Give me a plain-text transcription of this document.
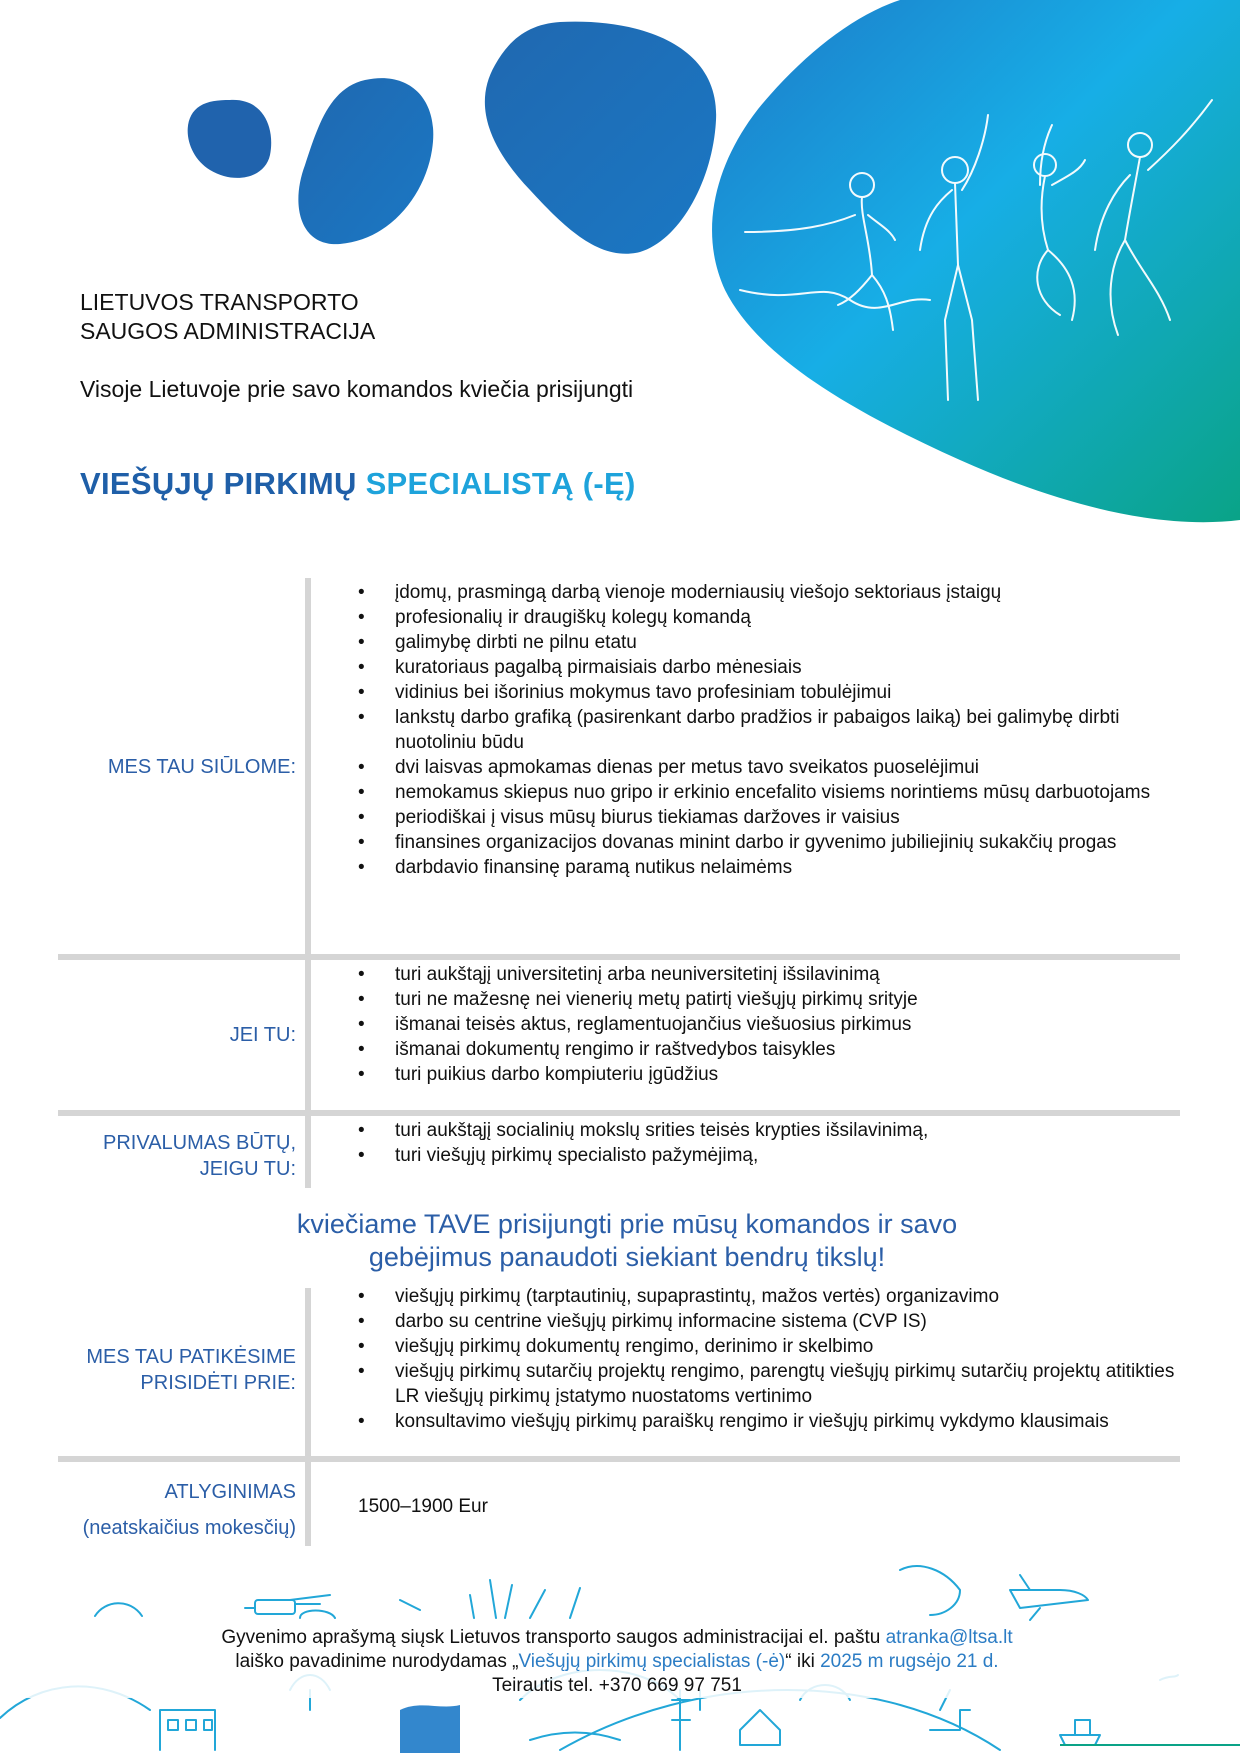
LIETUVOS TRANSPORTO
SAUGOS ADMINISTRACIJA
Visoje Lietuvoje prie savo komandos kviečia prisijungti
VIEŠŲJŲ PIRKIMŲ SPECIALISTĄ (-Ę)
MES TAU SIŪLOME:
• įdomų, prasmingą darbą vienoje moderniausių viešojo sektoriaus įstaigų
• profesionalių ir draugiškų kolegų komandą
• galimybę dirbti ne pilnu etatu
• kuratoriaus pagalbą pirmaisiais darbo mėnesiais
• vidinius bei išorinius mokymus tavo profesiniam tobulėjimui
• lankstų darbo grafiką (pasirenkant darbo pradžios ir pabaigos laiką) bei galimybę dirbti nuotoliniu būdu
• dvi laisvas apmokamas dienas per metus tavo sveikatos puoselėjimui
• nemokamus skiepus nuo gripo ir erkinio encefalito visiems norintiems mūsų darbuotojams
• periodiškai į visus mūsų biurus tiekiamas daržoves ir vaisius
• finansines organizacijos dovanas minint darbo ir gyvenimo jubiliejinių sukakčių progas
• darbdavio finansinę paramą nutikus nelaimėms
JEI TU:
• turi aukštąjį universitetinį arba neuniversitetinį išsilavinimą
• turi ne mažesnę nei vienerių metų patirtį viešųjų pirkimų srityje
• išmanai teisės aktus, reglamentuojančius viešuosius pirkimus
• išmanai dokumentų rengimo ir raštvedybos taisykles
• turi puikius darbo kompiuteriu įgūdžius
PRIVALUMAS BŪTŲ,
JEIGU TU:
• turi aukštąjį socialinių mokslų srities teisės krypties išsilavinimą,
• turi viešųjų pirkimų specialisto pažymėjimą,
kviečiame TAVE prisijungti prie mūsų komandos ir savo
gebėjimus panaudoti siekiant bendrų tikslų!
MES TAU PATIKĖSIME
PRISIDĖTI PRIE:
• viešųjų pirkimų (tarptautinių, supaprastintų, mažos vertės) organizavimo
• darbo su centrine viešųjų pirkimų informacine sistema (CVP IS)
• viešųjų pirkimų dokumentų rengimo, derinimo ir skelbimo
• viešųjų pirkimų sutarčių projektų rengimo, parengtų viešųjų pirkimų sutarčių projektų atitikties LR viešųjų pirkimų įstatymo nuostatoms vertinimo
• konsultavimo viešųjų pirkimų paraiškų rengimo ir viešųjų pirkimų vykdymo klausimais
ATLYGINIMAS
(neatskaičius mokesčių)
1500–1900 Eur
Gyvenimo aprašymą siųsk Lietuvos transporto saugos administracijai el. paštu atranka@ltsa.lt
laiško pavadinime nurodydamas „Viešųjų pirkimų specialistas (-ė)“ iki 2025 m rugsėjo 21 d.
Teirautis tel. +370 669 97 751
